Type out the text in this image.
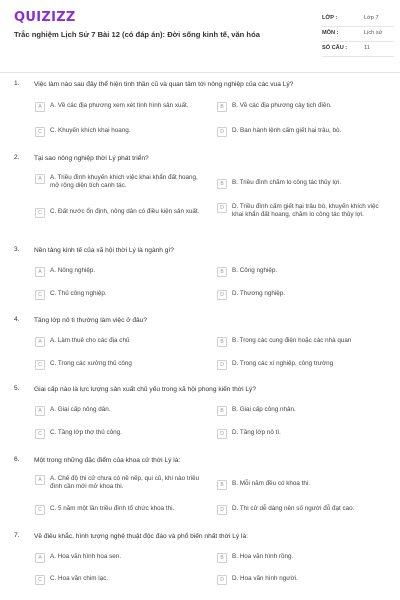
QUIZIZZ
Trắc nghiệm Lịch Sử 7 Bài 12 (có đáp án): Đời sống kinh tế, văn hóa
LỚP :	Lớp 7
MÔN :	Lịch sử
SỐ CÂU :	11
1. Việc làm nào sau đây thể hiện tinh thần cũ và quan tâm tới nông nghiệp của các vua Lý?
A	A. Về các địa phương xem xét tình hình sản xuất.	B	B. Về các địa phương cày tịch điền.
C	C. Khuyến khích khai hoang.	D	D. Ban hành lệnh cấm giết hại trâu, bò.
2. Tại sao nông nghiệp thời Lý phát triển?
A	A. Triều đình khuyến khích việc khai khẩn đất hoang, mở rộng diện tích canh tác.	B	B. Triều đình chăm lo công tác thủy lợi.
C	C. Đất nước ổn định, nông dân có điều kiện sản xuất.	D	D. Triều đình cấm giết hại trâu bò, khuyến khích việc khai khẩn đất hoang, chăm lo công tác thủy lợi.
3. Nền tảng kinh tế của xã hội thời Lý là ngành gì?
A	A. Nông nghiệp.	B	B. Công nghiệp.
C	C. Thủ công nghiệp.	D	D. Thương nghiệp.
4. Tầng lớp nô tì thường làm việc ở đâu?
A	A. Làm thuê cho các địa chủ	B	B. Trong các cung điện hoặc các nhà quan
C	C. Trong các xưởng thủ công	D	D. Trong các xí nghiệp, công trường
5. Giai cấp nào là lực lượng sản xuất chủ yếu trong xã hội phong kiến thời Lý?
A	A. Giai cấp nông dân.	B	B. Giai cấp công nhân.
C	C. Tầng lớp thợ thủ công.	D	D. Tầng lớp nô tì.
6. Một trong những đặc điểm của khoa cử thời Lý là:
A	A. Chế độ thi cử chưa có nề nếp, qui củ, khi nào triều đình cần mới mở khoa thi.	B	B. Mỗi năm đều có khoa thi.
C	C. 5 năm một lần triều đình tổ chức khoa thi.	D	D. Thi cử dễ dàng nên số người đỗ đạt cao.
7. Về điêu khắc, hình tượng nghệ thuật độc đáo và phổ biến nhất thời Lý là:
A	A. Hoa văn hình hoa sen.	B	B. Hoa văn hình rồng.
C	C. Hoa văn chim lạc.	D	D. Hoa văn hình người.
